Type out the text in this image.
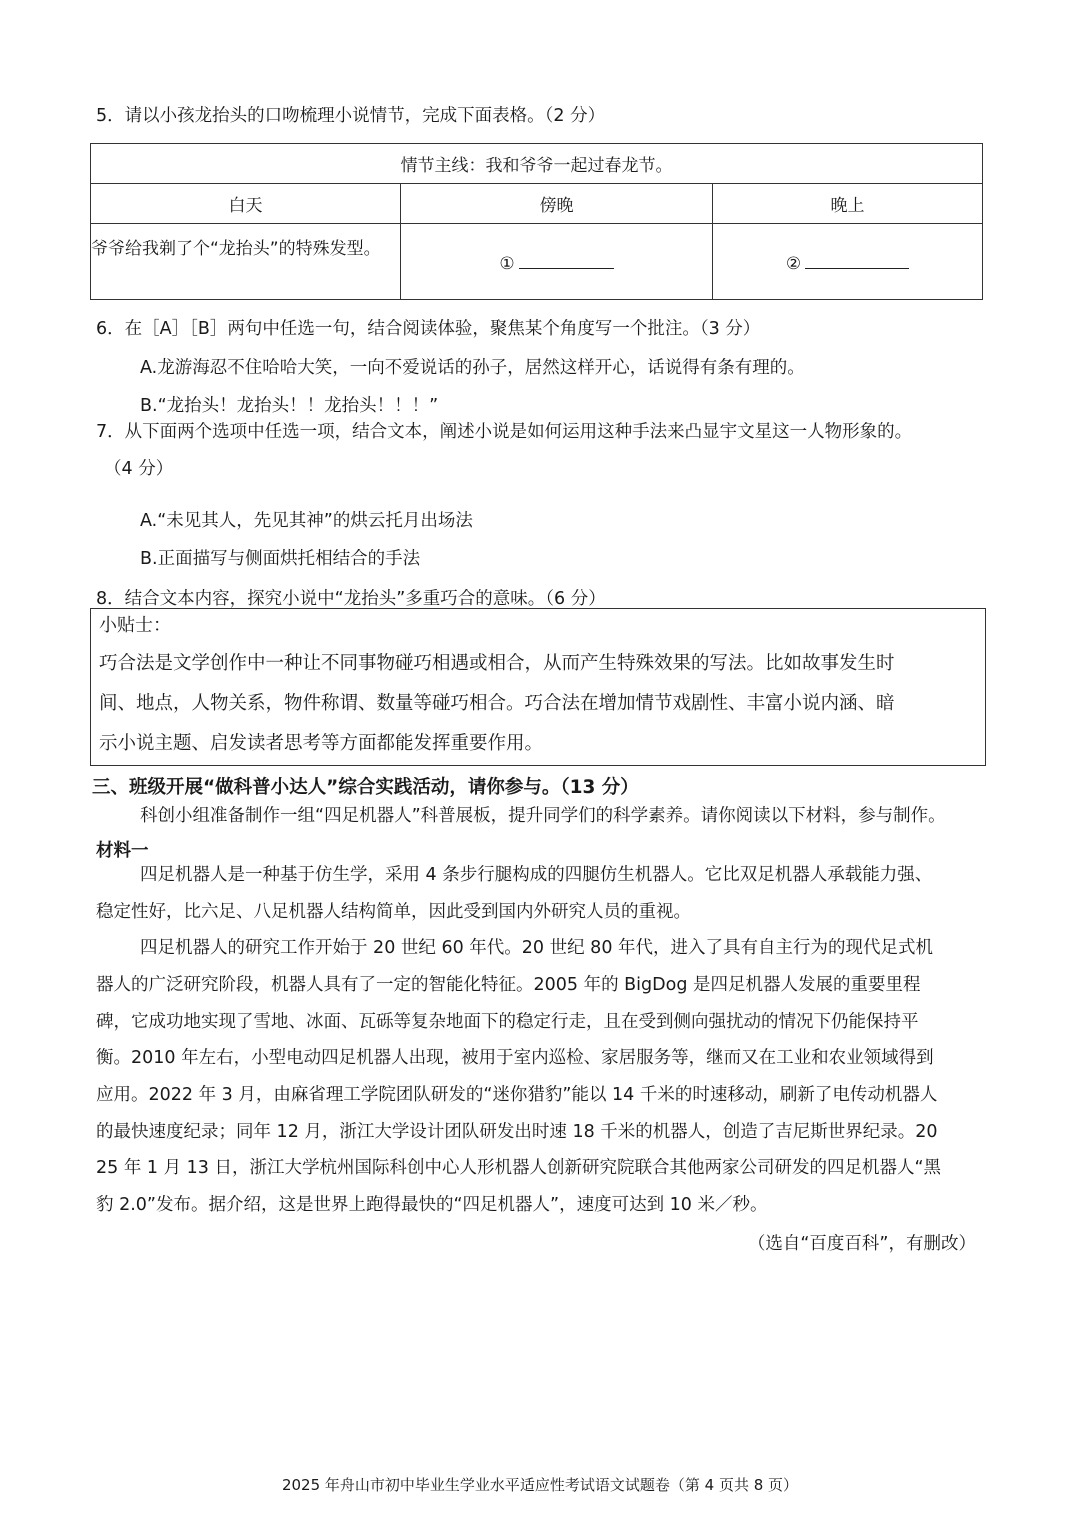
5．请以小孩龙抬头的口吻梳理小说情节，完成下面表格。（2 分）
情节主线：我和爷爷一起过春龙节。		
白天	傍晚	晚上
爷爷给我剃了个“龙抬头”的特殊发型。	①	②
6．在［A］［B］两句中任选一句，结合阅读体验，聚焦某个角度写一个批注。（3 分）
A.龙游海忍不住哈哈大笑，一向不爱说话的孙子，居然这样开心，话说得有条有理的。
B.“龙抬头！龙抬头！！龙抬头！！！”
7．从下面两个选项中任选一项，结合文本，阐述小说是如何运用这种手法来凸显宇文星这一人物形象的。
（4 分）
A.“未见其人，先见其神”的烘云托月出场法
B.正面描写与侧面烘托相结合的手法
8．结合文本内容，探究小说中“龙抬头”多重巧合的意味。（6 分）
小贴士：
巧合法是文学创作中一种让不同事物碰巧相遇或相合，从而产生特殊效果的写法。比如故事发生时
间、地点，人物关系，物件称谓、数量等碰巧相合。巧合法在增加情节戏剧性、丰富小说内涵、暗
示小说主题、启发读者思考等方面都能发挥重要作用。
三、班级开展“做科普小达人”综合实践活动，请你参与。（13 分）
科创小组准备制作一组“四足机器人”科普展板，提升同学们的科学素养。请你阅读以下材料，参与制作。
材料一
四足机器人是一种基于仿生学，采用 4 条步行腿构成的四腿仿生机器人。它比双足机器人承载能力强、
稳定性好，比六足、八足机器人结构简单，因此受到国内外研究人员的重视。
四足机器人的研究工作开始于 20 世纪 60 年代。20 世纪 80 年代，进入了具有自主行为的现代足式机
器人的广泛研究阶段，机器人具有了一定的智能化特征。2005 年的 BigDog 是四足机器人发展的重要里程
碑，它成功地实现了雪地、冰面、瓦砾等复杂地面下的稳定行走，且在受到侧向强扰动的情况下仍能保持平
衡。2010 年左右，小型电动四足机器人出现，被用于室内巡检、家居服务等，继而又在工业和农业领域得到
应用。2022 年 3 月，由麻省理工学院团队研发的“迷你猎豹”能以 14 千米的时速移动，刷新了电传动机器人
的最快速度纪录；同年 12 月，浙江大学设计团队研发出时速 18 千米的机器人，创造了吉尼斯世界纪录。20
25 年 1 月 13 日，浙江大学杭州国际科创中心人形机器人创新研究院联合其他两家公司研发的四足机器人“黑
豹 2.0”发布。据介绍，这是世界上跑得最快的“四足机器人”，速度可达到 10 米／秒。
（选自“百度百科”，有删改）
2025 年舟山市初中毕业生学业水平适应性考试语文试题卷（第 4 页共 8 页）
